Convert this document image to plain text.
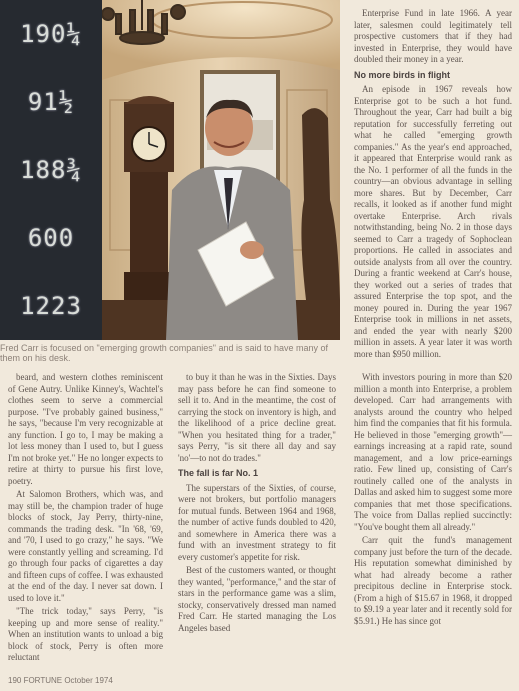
190¼
91½
188¾
600
1223
Fred Carr is focused on "emerging growth companies" and is said to have many of them on his desk.

Enterprise Fund in late 1966. A year later, salesmen could legitimately tell prospective customers that if they had invested in Enterprise, they would have doubled their money in a year.

No more birds in flight

An episode in 1967 reveals how Enterprise got to be such a hot fund. Throughout the year, Carr had built a big reputation for successfully ferreting out what he called "emerging growth companies." As the year's end approached, it appeared that Enterprise would rank as the No. 1 performer of all the funds in the country—an obvious advantage in selling more shares. But by December, Carr recalls, it looked as if another fund might overtake Enterprise. Arch rivals notwithstanding, being No. 2 in those days seemed to Carr a tragedy of Sophoclean proportions. He called in associates and outside analysts from all over the country. During a frantic weekend at Carr's house, they worked out a series of trades that assured Enterprise the top spot, and the money poured in. During the year 1967 Enterprise took in millions in net assets, and ended the year with nearly $200 million in assets. A year later it was worth more than $950 million.

beard, and western clothes reminiscent of Gene Autry. Unlike Kinney's, Wachtel's clothes seem to serve a commercial purpose. "I've probably gained business," he says, "because I'm very recognizable at any function. I go to, I may be making a lot less money than I used to, but I guess I'm not broke yet." He no longer expects to retire at thirty to pursue his first love, poetry.

At Salomon Brothers, which was, and may still be, the champion trader of huge blocks of stock, Jay Perry, thirty-nine, commands the trading desk. "In '68, '69, and '70, I used to go crazy," he says. "We were constantly yelling and screaming. I'd go through four packs of cigarettes a day and fifteen cups of coffee. I was exhausted at the end of the day. I never sat down. I used to love it."

"The trick today," says Perry, "is keeping up and more sense of reality." When an institution wants to unload a big block of stock, Perry is often more reluctant

to buy it than he was in the Sixties. Days may pass before he can find someone to sell it to. And in the meantime, the cost of carrying the stock on inventory is high, and the likelihood of a price decline great. "When you hesitated thing for a trader," says Perry, "is sit there all day and say 'no'—to not do trades."

The fall is far No. 1

The superstars of the Sixties, of course, were not brokers, but portfolio managers for mutual funds. Between 1964 and 1968, the number of active funds doubled to 420, and somewhere in America there was a fund with an investment strategy to fit every customer's appetite for risk.

Best of the customers wanted, or thought they wanted, "performance," and the star of stars in the performance game was a slim, stocky, conservatively dressed man named Fred Carr. He started managing the Los Angeles based

With investors pouring in more than $20 million a month into Enterprise, a problem developed. Carr had arrangements with analysts around the country who helped him find the companies that fit his formula. He believed in those "emerging growth"—earnings increasing at a rapid rate, sound management, and a low price-earnings ratio. Few lined up, consisting of Carr's routinely called one of the analysts in Dallas and asked him to suggest some more companies that met those specifications. The voice from Dallas replied succinctly: "You've bought them all already."

Carr quit the fund's management company just before the turn of the decade. His reputation somewhat diminished by what had already become a rather precipitous decline in Enterprise stock. (From a high of $15.67 in 1968, it dropped to $9.19 a year later and it recently sold for $5.91.) He has since got

190 FORTUNE October 1974
